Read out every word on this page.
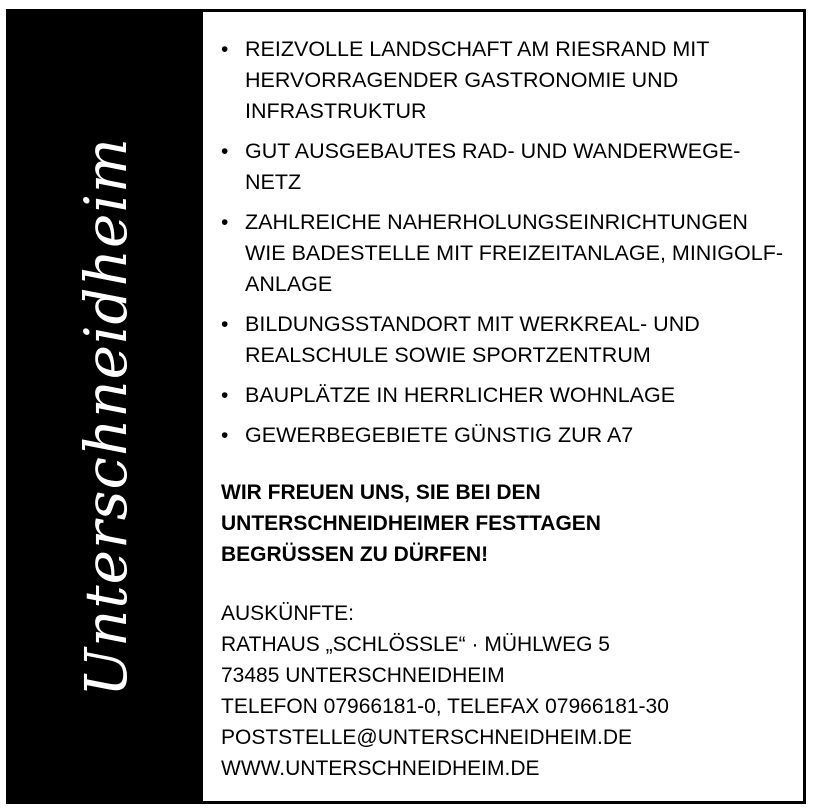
Unterschneidheim
• REIZVOLLE LANDSCHAFT AM RIESRAND MIT HERVORRAGENDER GASTRONOMIE UND INFRASTRUKTUR
• GUT AUSGEBAUTES RAD- UND WANDERWEGE-NETZ
• ZAHLREICHE NAHERHOLUNGSEINRICHTUNGEN WIE BADESTELLE MIT FREIZEITANLAGE, MINIGOLF-ANLAGE
• BILDUNGSSTANDORT MIT WERKREAL- UND REALSCHULE SOWIE SPORTZENTRUM
• BAUPLÄTZE IN HERRLICHER WOHNLAGE
• GEWERBEGEBIETE GÜNSTIG ZUR A7
WIR FREUEN UNS, SIE BEI DEN
UNTERSCHNEIDHEIMER FESTTAGEN
BEGRÜSSEN ZU DÜRFEN!
AUSKÜNFTE:
RATHAUS „SCHLÖSSLE“ · MÜHLWEG 5
73485 UNTERSCHNEIDHEIM
TELEFON 07966181-0, TELEFAX 07966181-30
POSTSTELLE@UNTERSCHNEIDHEIM.DE
WWW.UNTERSCHNEIDHEIM.DE
